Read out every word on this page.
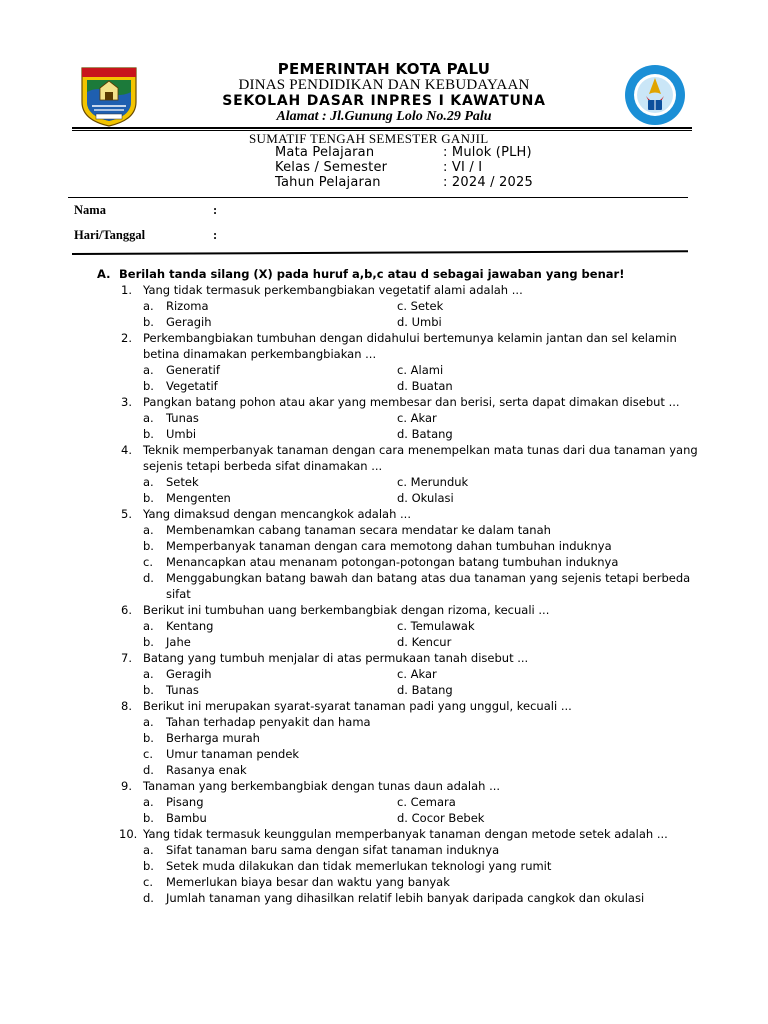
PEMERINTAH KOTA PALU
DINAS PENDIDIKAN DAN KEBUDAYAAN
SEKOLAH DASAR INPRES I KAWATUNA
Alamat : Jl.Gunung Lolo No.29 Palu
SUMATIF TENGAH SEMESTER GANJIL
Mata Pelajaran	: Mulok (PLH)
Kelas / Semester	: VI / I
Tahun Pelajaran	: 2024 / 2025
Nama	:
Hari/Tanggal	:
A. Berilah tanda silang (X) pada huruf a,b,c atau d sebagai jawaban yang benar!
1. Yang tidak termasuk perkembangbiakan vegetatif alami adalah ...
a. Rizoma	c. Setek
b. Geragih	d. Umbi
2. Perkembangbiakan tumbuhan dengan didahului bertemunya kelamin jantan dan sel kelamin
betina dinamakan perkembangbiakan ...
a. Generatif	c. Alami
b. Vegetatif	d. Buatan
3. Pangkan batang pohon atau akar yang membesar dan berisi, serta dapat dimakan disebut ...
a. Tunas	c. Akar
b. Umbi	d. Batang
4. Teknik memperbanyak tanaman dengan cara menempelkan mata tunas dari dua tanaman yang
sejenis tetapi berbeda sifat dinamakan ...
a. Setek	c. Merunduk
b. Mengenten	d. Okulasi
5. Yang dimaksud dengan mencangkok adalah ...
a. Membenamkan cabang tanaman secara mendatar ke dalam tanah
b. Memperbanyak tanaman dengan cara memotong dahan tumbuhan induknya
c. Menancapkan atau menanam potongan-potongan batang tumbuhan induknya
d. Menggabungkan batang bawah dan batang atas dua tanaman yang sejenis tetapi berbeda
sifat
6. Berikut ini tumbuhan uang berkembangbiak dengan rizoma, kecuali ...
a. Kentang	c. Temulawak
b. Jahe	d. Kencur
7. Batang yang tumbuh menjalar di atas permukaan tanah disebut ...
a. Geragih	c. Akar
b. Tunas	d. Batang
8. Berikut ini merupakan syarat-syarat tanaman padi yang unggul, kecuali ...
a. Tahan terhadap penyakit dan hama
b. Berharga murah
c. Umur tanaman pendek
d. Rasanya enak
9. Tanaman yang berkembangbiak dengan tunas daun adalah ...
a. Pisang	c. Cemara
b. Bambu	d. Cocor Bebek
10. Yang tidak termasuk keunggulan memperbanyak tanaman dengan metode setek adalah ...
a. Sifat tanaman baru sama dengan sifat tanaman induknya
b. Setek muda dilakukan dan tidak memerlukan teknologi yang rumit
c. Memerlukan biaya besar dan waktu yang banyak
d. Jumlah tanaman yang dihasilkan relatif lebih banyak daripada cangkok dan okulasi
